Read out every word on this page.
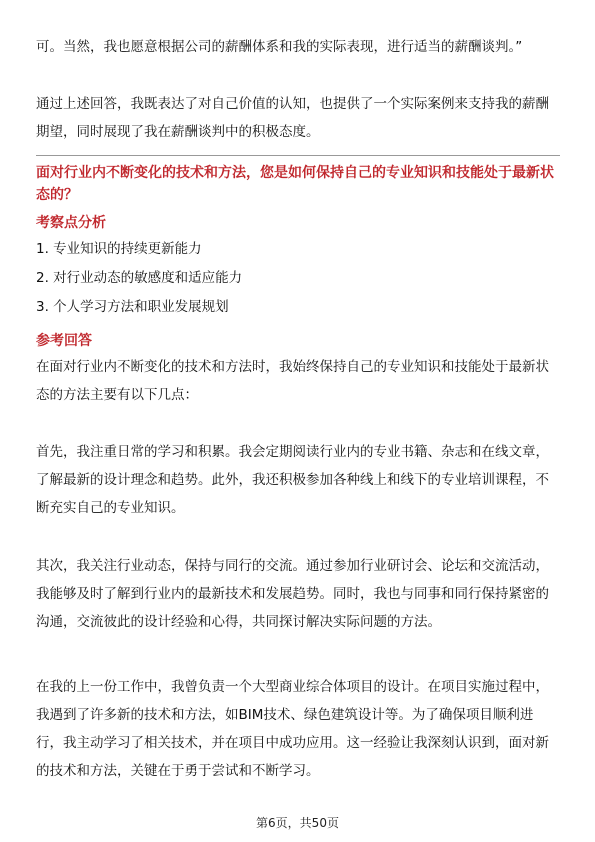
可。当然，我也愿意根据公司的薪酬体系和我的实际表现，进行适当的薪酬谈判。”

通过上述回答，我既表达了对自己价值的认知，也提供了一个实际案例来支持我的薪酬期望，同时展现了我在薪酬谈判中的积极态度。

面对行业内不断变化的技术和方法，您是如何保持自己的专业知识和技能处于最新状态的？

考察点分析

1. 专业知识的持续更新能力

2. 对行业动态的敏感度和适应能力

3. 个人学习方法和职业发展规划

参考回答

在面对行业内不断变化的技术和方法时，我始终保持自己的专业知识和技能处于最新状态的方法主要有以下几点：

首先，我注重日常的学习和积累。我会定期阅读行业内的专业书籍、杂志和在线文章，了解最新的设计理念和趋势。此外，我还积极参加各种线上和线下的专业培训课程，不断充实自己的专业知识。

其次，我关注行业动态，保持与同行的交流。通过参加行业研讨会、论坛和交流活动，我能够及时了解到行业内的最新技术和发展趋势。同时，我也与同事和同行保持紧密的沟通，交流彼此的设计经验和心得，共同探讨解决实际问题的方法。

在我的上一份工作中，我曾负责一个大型商业综合体项目的设计。在项目实施过程中，我遇到了许多新的技术和方法，如BIM技术、绿色建筑设计等。为了确保项目顺利进行，我主动学习了相关技术，并在项目中成功应用。这一经验让我深刻认识到，面对新的技术和方法，关键在于勇于尝试和不断学习。

第6页，共50页
